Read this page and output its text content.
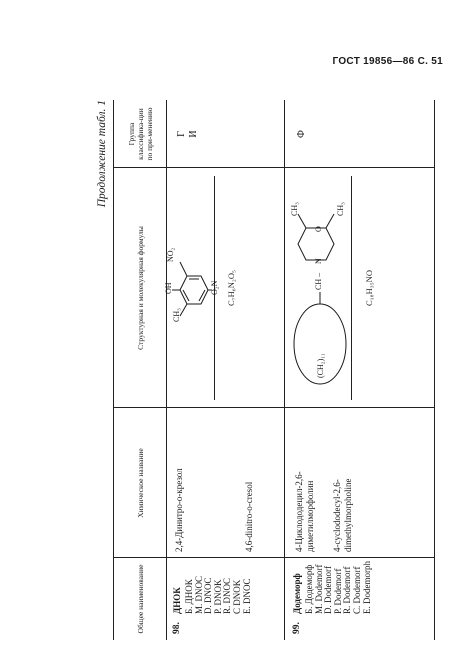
ГОСТ 19856—86 С. 51
Продолжение табл. 1
Общее наименование
Химическое название
Структурная и молекулярная формулы
Группа классифика-ции по при-менению
98.
ДНОК Б. ДНОК М. DNOC D. DNOC P. DNOK R. DNOC C DNOK E. DNOC
2,4-Динитро-о-крезол	4,6-dinitro-o-cresol
NO₂
OH
CH₃
O₂N C₇H₆N₂O₅
Г И
99.
Додеморф Б. Додеморф М. Dodemorf D. Dodemorf P. Dodemorf R. Dodemorf C. Dodemorf E. Dodemorph
4-Циклододецил-2,6-диметилморфолин 4-cyclododecyl-2,6-dimethylmorpholine
(CH₂)₁₁
CH –
N
O
CH₃	CH₃
C₁₈H₃₅NO
Ф
